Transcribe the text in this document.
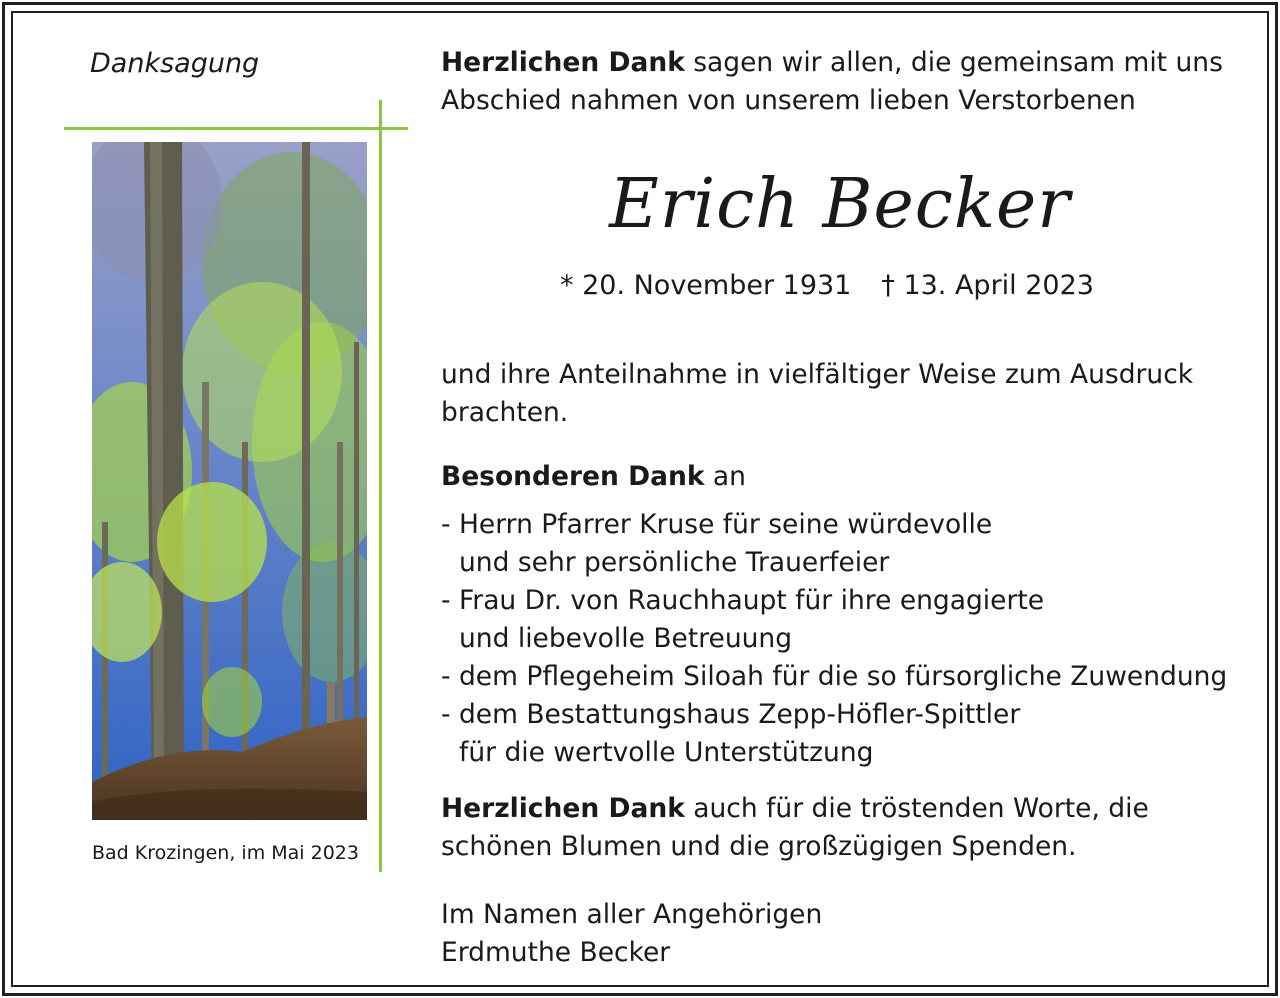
Danksagung
Bad Krozingen, im Mai 2023

Herzlichen Dank sagen wir allen, die gemeinsam mit uns

Abschied nahmen von unserem lieben Verstorbenen

Erich Becker
* 20. November 1931 † 13. April 2023

und ihre Anteilnahme in vielfältiger Weise zum Ausdruck

brachten.

Besonderen Dank an

- Herrn Pfarrer Kruse für seine würdevolle

und sehr persönliche Trauerfeier

- Frau Dr. von Rauchhaupt für ihre engagierte

und liebevolle Betreuung

- dem Pflegeheim Siloah für die so fürsorgliche Zuwendung

- dem Bestattungshaus Zepp-Höfler-Spittler

für die wertvolle Unterstützung

Herzlichen Dank auch für die tröstenden Worte, die

schönen Blumen und die großzügigen Spenden.

Im Namen aller Angehörigen

Erdmuthe Becker
